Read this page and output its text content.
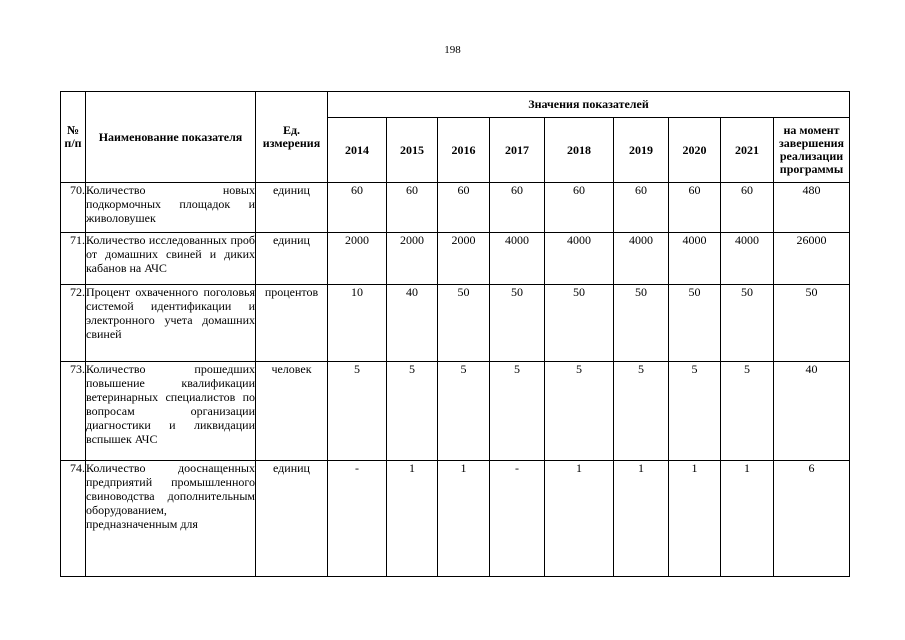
198
№ п/п	Наименование показателя	Ед. измерения	Значения показателей								
			2014	2015	2016	2017	2018	2019	2020	2021	на момент завершения реализации программы
70.	Количество новых подкормочных площадок и живоловушек	единиц	60	60	60	60	60	60	60	60	480
71.	Количество исследованных проб от домашних свиней и диких кабанов на АЧС	единиц	2000	2000	2000	4000	4000	4000	4000	4000	26000
72.	Процент охваченного поголовья системой идентификации и электронного учета домашних свиней	процентов	10	40	50	50	50	50	50	50	50
73.	Количество прошедших повышение квалификации ветеринарных специалистов по вопросам организации диагностики и ликвидации вспышек АЧС	человек	5	5	5	5	5	5	5	5	40
74.	Количество дооснащенных предприятий промышленного свиноводства дополнительным оборудованием, предназначенным для	единиц	-	1	1	-	1	1	1	1	6
